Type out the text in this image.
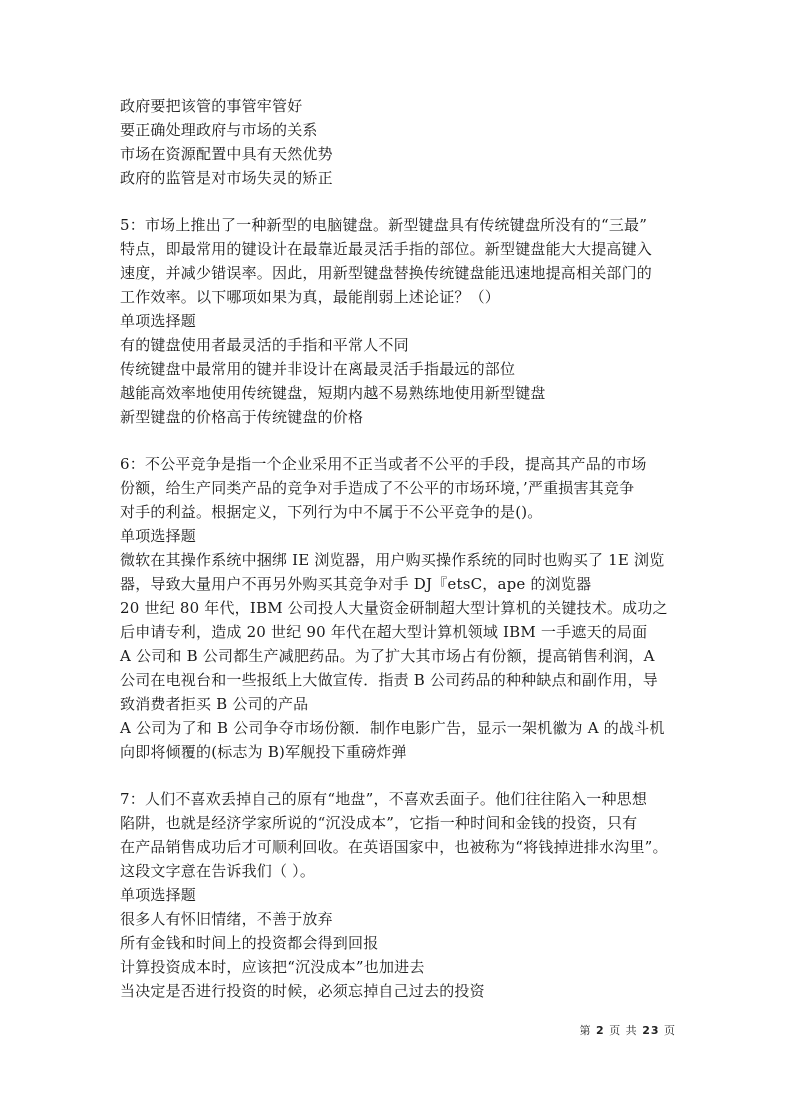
政府要把该管的事管牢管好
要正确处理政府与市场的关系
市场在资源配置中具有天然优势
政府的监管是对市场失灵的矫正
5：市场上推出了一种新型的电脑键盘。新型键盘具有传统键盘所没有的“三最”
特点，即最常用的键设计在最靠近最灵活手指的部位。新型键盘能大大提高键入
速度，并减少错误率。因此，用新型键盘替换传统键盘能迅速地提高相关部门的
工作效率。以下哪项如果为真，最能削弱上述论证？（）
单项选择题
有的键盘使用者最灵活的手指和平常人不同
传统键盘中最常用的键并非设计在离最灵活手指最远的部位
越能高效率地使用传统键盘，短期内越不易熟练地使用新型键盘
新型键盘的价格高于传统键盘的价格
6：不公平竞争是指一个企业采用不正当或者不公平的手段，提高其产品的市场
份额，给生产同类产品的竞争对手造成了不公平的市场环境，’严重损害其竞争
对手的利益。根据定义，下列行为中不属于不公平竞争的是()。
单项选择题
微软在其操作系统中捆绑 IE 浏览器，用户购买操作系统的同时也购买了 1E 浏览
器，导致大量用户不再另外购买其竞争对手 DJ『etsC，ape 的浏览器
20 世纪 80 年代，IBM 公司投人大量资金研制超大型计算机的关键技术。成功之
后申请专利，造成 20 世纪 90 年代在超大型计算机领域 IBM 一手遮天的局面
A 公司和 B 公司都生产减肥药品。为了扩大其市场占有份额，提高销售利润，A
公司在电视台和一些报纸上大做宣传．指责 B 公司药品的种种缺点和副作用，导
致消费者拒买 B 公司的产品
A 公司为了和 B 公司争夺市场份额．制作电影广告，显示一架机徽为 A 的战斗机
向即将倾覆的(标志为 B)军舰投下重磅炸弹
7：人们不喜欢丢掉自己的原有“地盘”，不喜欢丢面子。他们往往陷入一种思想
陷阱，也就是经济学家所说的“沉没成本”，它指一种时间和金钱的投资，只有
在产品销售成功后才可顺利回收。在英语国家中，也被称为“将钱掉进排水沟里”。
这段文字意在告诉我们（ ）。
单项选择题
很多人有怀旧情绪，不善于放弃
所有金钱和时间上的投资都会得到回报
计算投资成本时，应该把“沉没成本”也加进去
当决定是否进行投资的时候，必须忘掉自己过去的投资
第 2 页 共 23 页
